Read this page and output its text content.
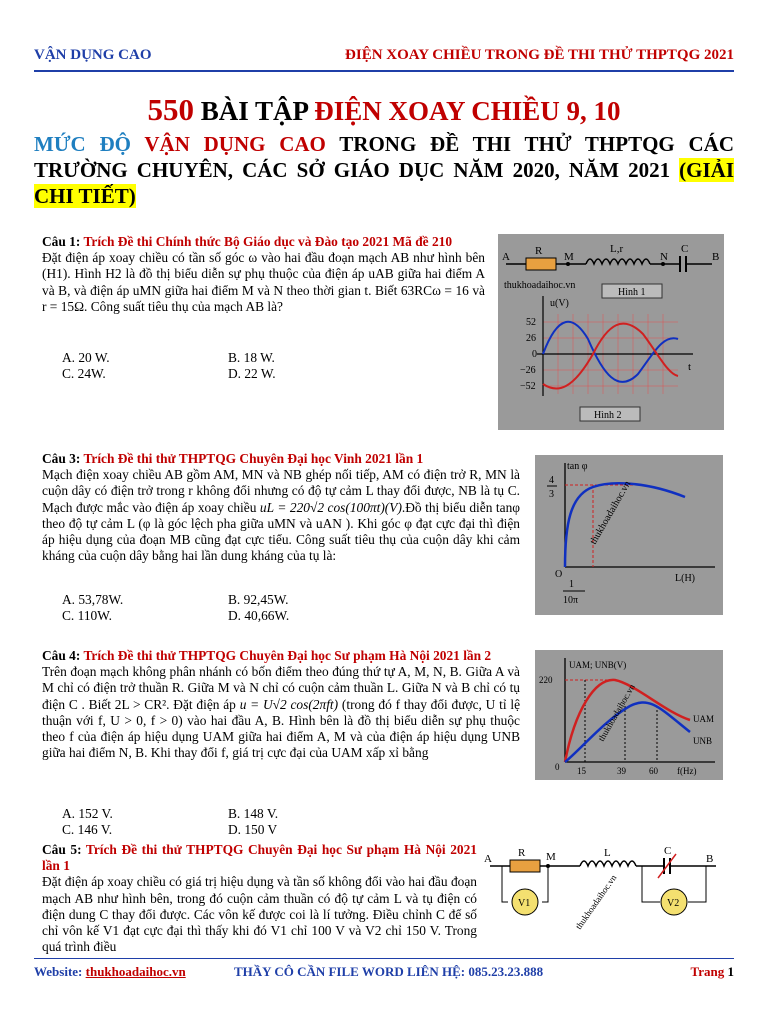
VẬN DỤNG CAO	ĐIỆN XOAY CHIỀU TRONG ĐỀ THI THỬ THPTQG 2021
550 BÀI TẬP ĐIỆN XOAY CHIỀU 9, 10
MỨC ĐỘ VẬN DỤNG CAO TRONG ĐỀ THI THỬ THPTQG CÁC TRƯỜNG CHUYÊN, CÁC SỞ GIÁO DỤC NĂM 2020, NĂM 2021 (GIẢI CHI TIẾT)
Câu 1: Trích Đề thi Chính thức Bộ Giáo dục và Đào tạo 2021 Mã đề 210
Đặt điện áp xoay chiều có tần số góc ω vào hai đầu đoạn mạch AB như hình bên (H1). Hình H2 là đồ thị biểu diễn sự phụ thuộc của điện áp uAB giữa hai điểm A và B, và điện áp uMN giữa hai điểm M và N theo thời gian t. Biết 63RCω = 16 và r = 15Ω. Công suất tiêu thụ của mạch AB là?
A. 20 W.	B. 18 W.
C. 24W.	D. 22 W.
A R M
L,r
N
C
B
thukhoadaihoc.vn
Hình 1
u(V)
52
26
0
−26
−52
t
Hình 2
Câu 3: Trích Đề thi thử THPTQG Chuyên Đại học Vinh 2021 lần 1
Mạch điện xoay chiều AB gồm AM, MN và NB ghép nối tiếp, AM có điện trở R, MN là cuộn dây có điện trở trong r không đổi nhưng có độ tự cảm L thay đổi được, NB là tụ C. Mạch được mắc vào điện áp xoay chiều uL = 220√2 cos(100πt)(V).Đồ thị biểu diễn tanφ theo độ tự cảm L (φ là góc lệch pha giữa uMN và uAN ). Khi góc φ đạt cực đại thì điện áp hiệu dụng của đoạn MB cũng đạt cực tiểu. Công suất tiêu thụ của cuộn dây khi cảm kháng của cuộn dây bằng hai lần dung kháng của tụ là:
A. 53,78W.	B. 92,45W.
C. 110W.	D. 40,66W.
tan φ
4
3
O	L(H)
1
10π
thukhoadaihoc.vn
Câu 4: Trích Đề thi thử THPTQG Chuyên Đại học Sư phạm Hà Nội 2021 lần 2
Trên đoạn mạch không phân nhánh có bốn điểm theo đúng thứ tự A, M, N, B. Giữa A và M chỉ có điện trở thuần R. Giữa M và N chỉ có cuộn cảm thuần L. Giữa N và B chỉ có tụ điện C . Biết 2L > CR². Đặt điện áp u = U√2 cos(2πft) (trong đó f thay đổi được, U tỉ lệ thuận với f, U > 0, f > 0) vào hai đầu A, B. Hình bên là đồ thị biểu diễn sự phụ thuộc theo f của điện áp hiệu dụng UAM giữa hai điểm A, M và của điện áp hiệu dụng UNB giữa hai điểm N, B. Khi thay đổi f, giá trị cực đại của UAM xấp xỉ bằng
A. 152 V.	B. 148 V.
C. 146 V.	D. 150 V
UAM; UNB(V)
220
0 15	39	60 f(Hz)
UAM
UNB
thukhoadaihoc.vn
Câu 5: Trích Đề thi thử THPTQG Chuyên Đại học Sư phạm Hà Nội 2021 lần 1
Đặt điện áp xoay chiều có giá trị hiệu dụng và tần số không đổi vào hai đầu đoạn mạch AB như hình bên, trong đó cuộn cảm thuần có độ tự cảm L và tụ điện có điện dung C thay đổi được. Các vôn kế được coi là lí tưởng. Điều chỉnh C để số chỉ vôn kế V1 đạt cực đại thì thấy khi đó V1 chỉ 100 V và V2 chỉ 150 V. Trong quá trình điều
V1	V2
A R M	L	C
B
thukhoadaihoc.vn
Website: thukhoadaihoc.vn	THẦY CÔ CẦN FILE WORD LIÊN HỆ: 085.23.23.888	Trang 1
